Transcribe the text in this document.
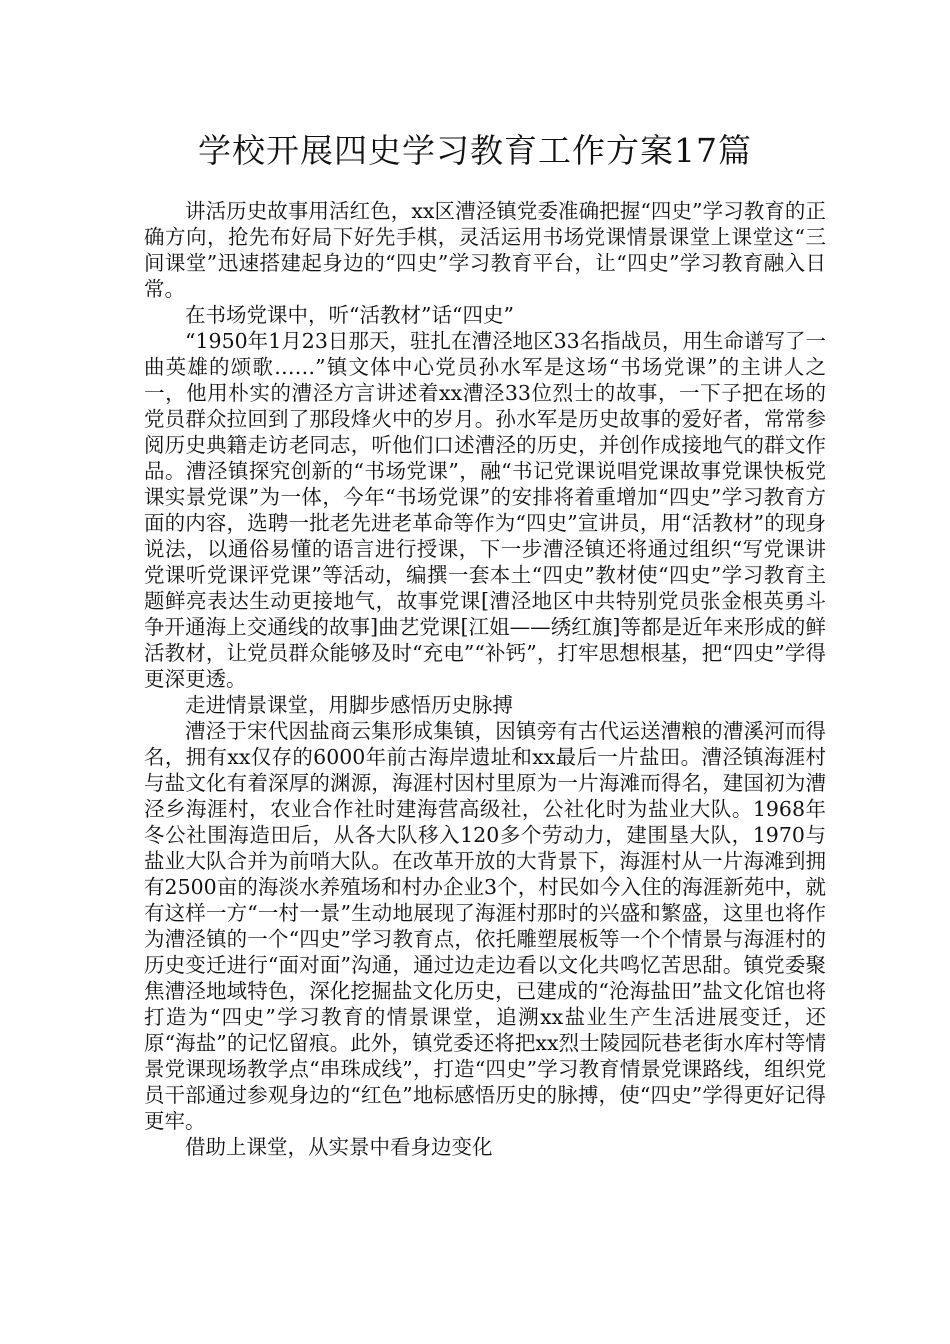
学校开展四史学习教育工作方案17篇

讲活历史故事用活红色，xx区漕泾镇党委准确把握“四史”学习教育的正确方向，抢先布好局下好先手棋，灵活运用书场党课情景课堂上课堂这“三间课堂”迅速搭建起身边的“四史”学习教育平台，让“四史”学习教育融入日常。

在书场党课中，听“活教材”话“四史”

“1950年1月23日那天，驻扎在漕泾地区33名指战员，用生命谱写了一曲英雄的颂歌……”镇文体中心党员孙水军是这场“书场党课”的主讲人之一，他用朴实的漕泾方言讲述着xx漕泾33位烈士的故事，一下子把在场的党员群众拉回到了那段烽火中的岁月。孙水军是历史故事的爱好者，常常参阅历史典籍走访老同志，听他们口述漕泾的历史，并创作成接地气的群文作品。漕泾镇探究创新的“书场党课”，融“书记党课说唱党课故事党课快板党课实景党课”为一体，今年“书场党课”的安排将着重增加“四史”学习教育方面的内容，选聘一批老先进老革命等作为“四史”宣讲员，用“活教材”的现身说法，以通俗易懂的语言进行授课，下一步漕泾镇还将通过组织“写党课讲党课听党课评党课”等活动，编撰一套本土“四史”教材使“四史”学习教育主题鲜亮表达生动更接地气，故事党课[漕泾地区中共特别党员张金根英勇斗争开通海上交通线的故事]曲艺党课[江姐——绣红旗]等都是近年来形成的鲜活教材，让党员群众能够及时“充电”“补钙”，打牢思想根基，把“四史”学得更深更透。

走进情景课堂，用脚步感悟历史脉搏

漕泾于宋代因盐商云集形成集镇，因镇旁有古代运送漕粮的漕溪河而得名，拥有xx仅存的6000年前古海岸遗址和xx最后一片盐田。漕泾镇海涯村与盐文化有着深厚的渊源，海涯村因村里原为一片海滩而得名，建国初为漕泾乡海涯村，农业合作社时建海营高级社，公社化时为盐业大队。1968年冬公社围海造田后，从各大队移入120多个劳动力，建围垦大队，1970与盐业大队合并为前哨大队。在改革开放的大背景下，海涯村从一片海滩到拥有2500亩的海淡水养殖场和村办企业3个，村民如今入住的海涯新苑中，就有这样一方“一村一景”生动地展现了海涯村那时的兴盛和繁盛，这里也将作为漕泾镇的一个“四史”学习教育点，依托雕塑展板等一个个情景与海涯村的历史变迁进行“面对面”沟通，通过边走边看以文化共鸣忆苦思甜。镇党委聚焦漕泾地域特色，深化挖掘盐文化历史，已建成的“沧海盐田”盐文化馆也将打造为“四史”学习教育的情景课堂，追溯xx盐业生产生活进展变迁，还原“海盐”的记忆留痕。此外，镇党委还将把xx烈士陵园阮巷老街水库村等情景党课现场教学点“串珠成线”，打造“四史”学习教育情景党课路线，组织党员干部通过参观身边的“红色”地标感悟历史的脉搏，使“四史”学得更好记得更牢。

借助上课堂，从实景中看身边变化
